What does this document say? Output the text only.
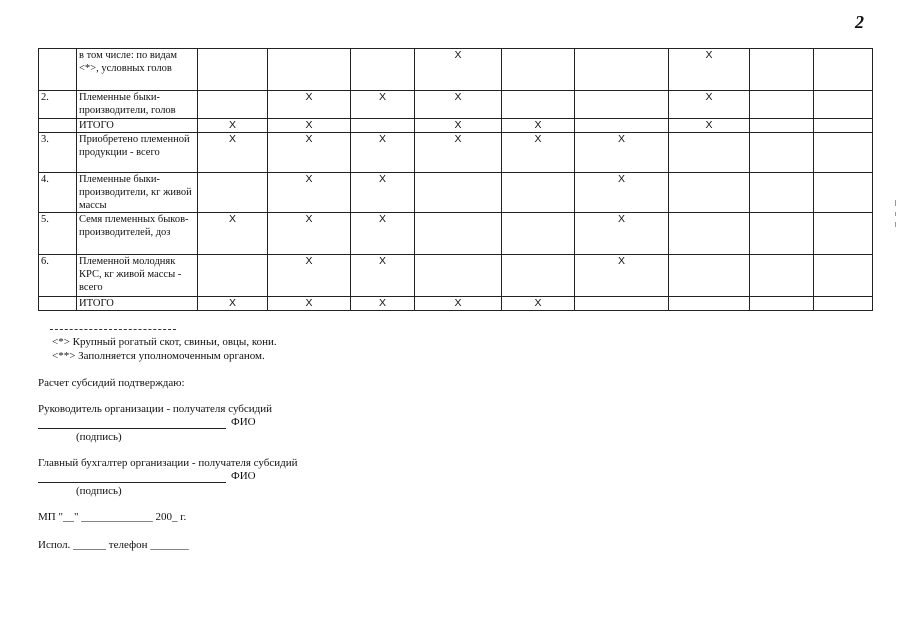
2
	в том числе: по видам <*>, условных голов				X			X		
2.	Племенные быки-производители, голов		X	X	X			X		
	ИТОГО	X	X		X	X		X		
3.	Приобретено племенной продукции - всего	X	X	X	X	X	X			
4.	Племенные быки-производители, кг живой массы		X	X			X			
5.	Семя племенных быков-производителей, доз	X	X	X			X			
6.	Племенной молодняк КРС, кг живой массы - всего		X	X			X			
	ИТОГО	X	X	X	X	X				
<*> Крупный рогатый скот, свиньи, овцы, кони.
<**> Заполняется уполномоченным органом.
Расчет субсидий подтверждаю:
Руководитель организации - получателя субсидий
ФИО
(подпись)
Главный бухгалтер организации - получателя субсидий
ФИО
(подпись)
МП "__" _____________ 200_ г.
Испол. ______ телефон _______
